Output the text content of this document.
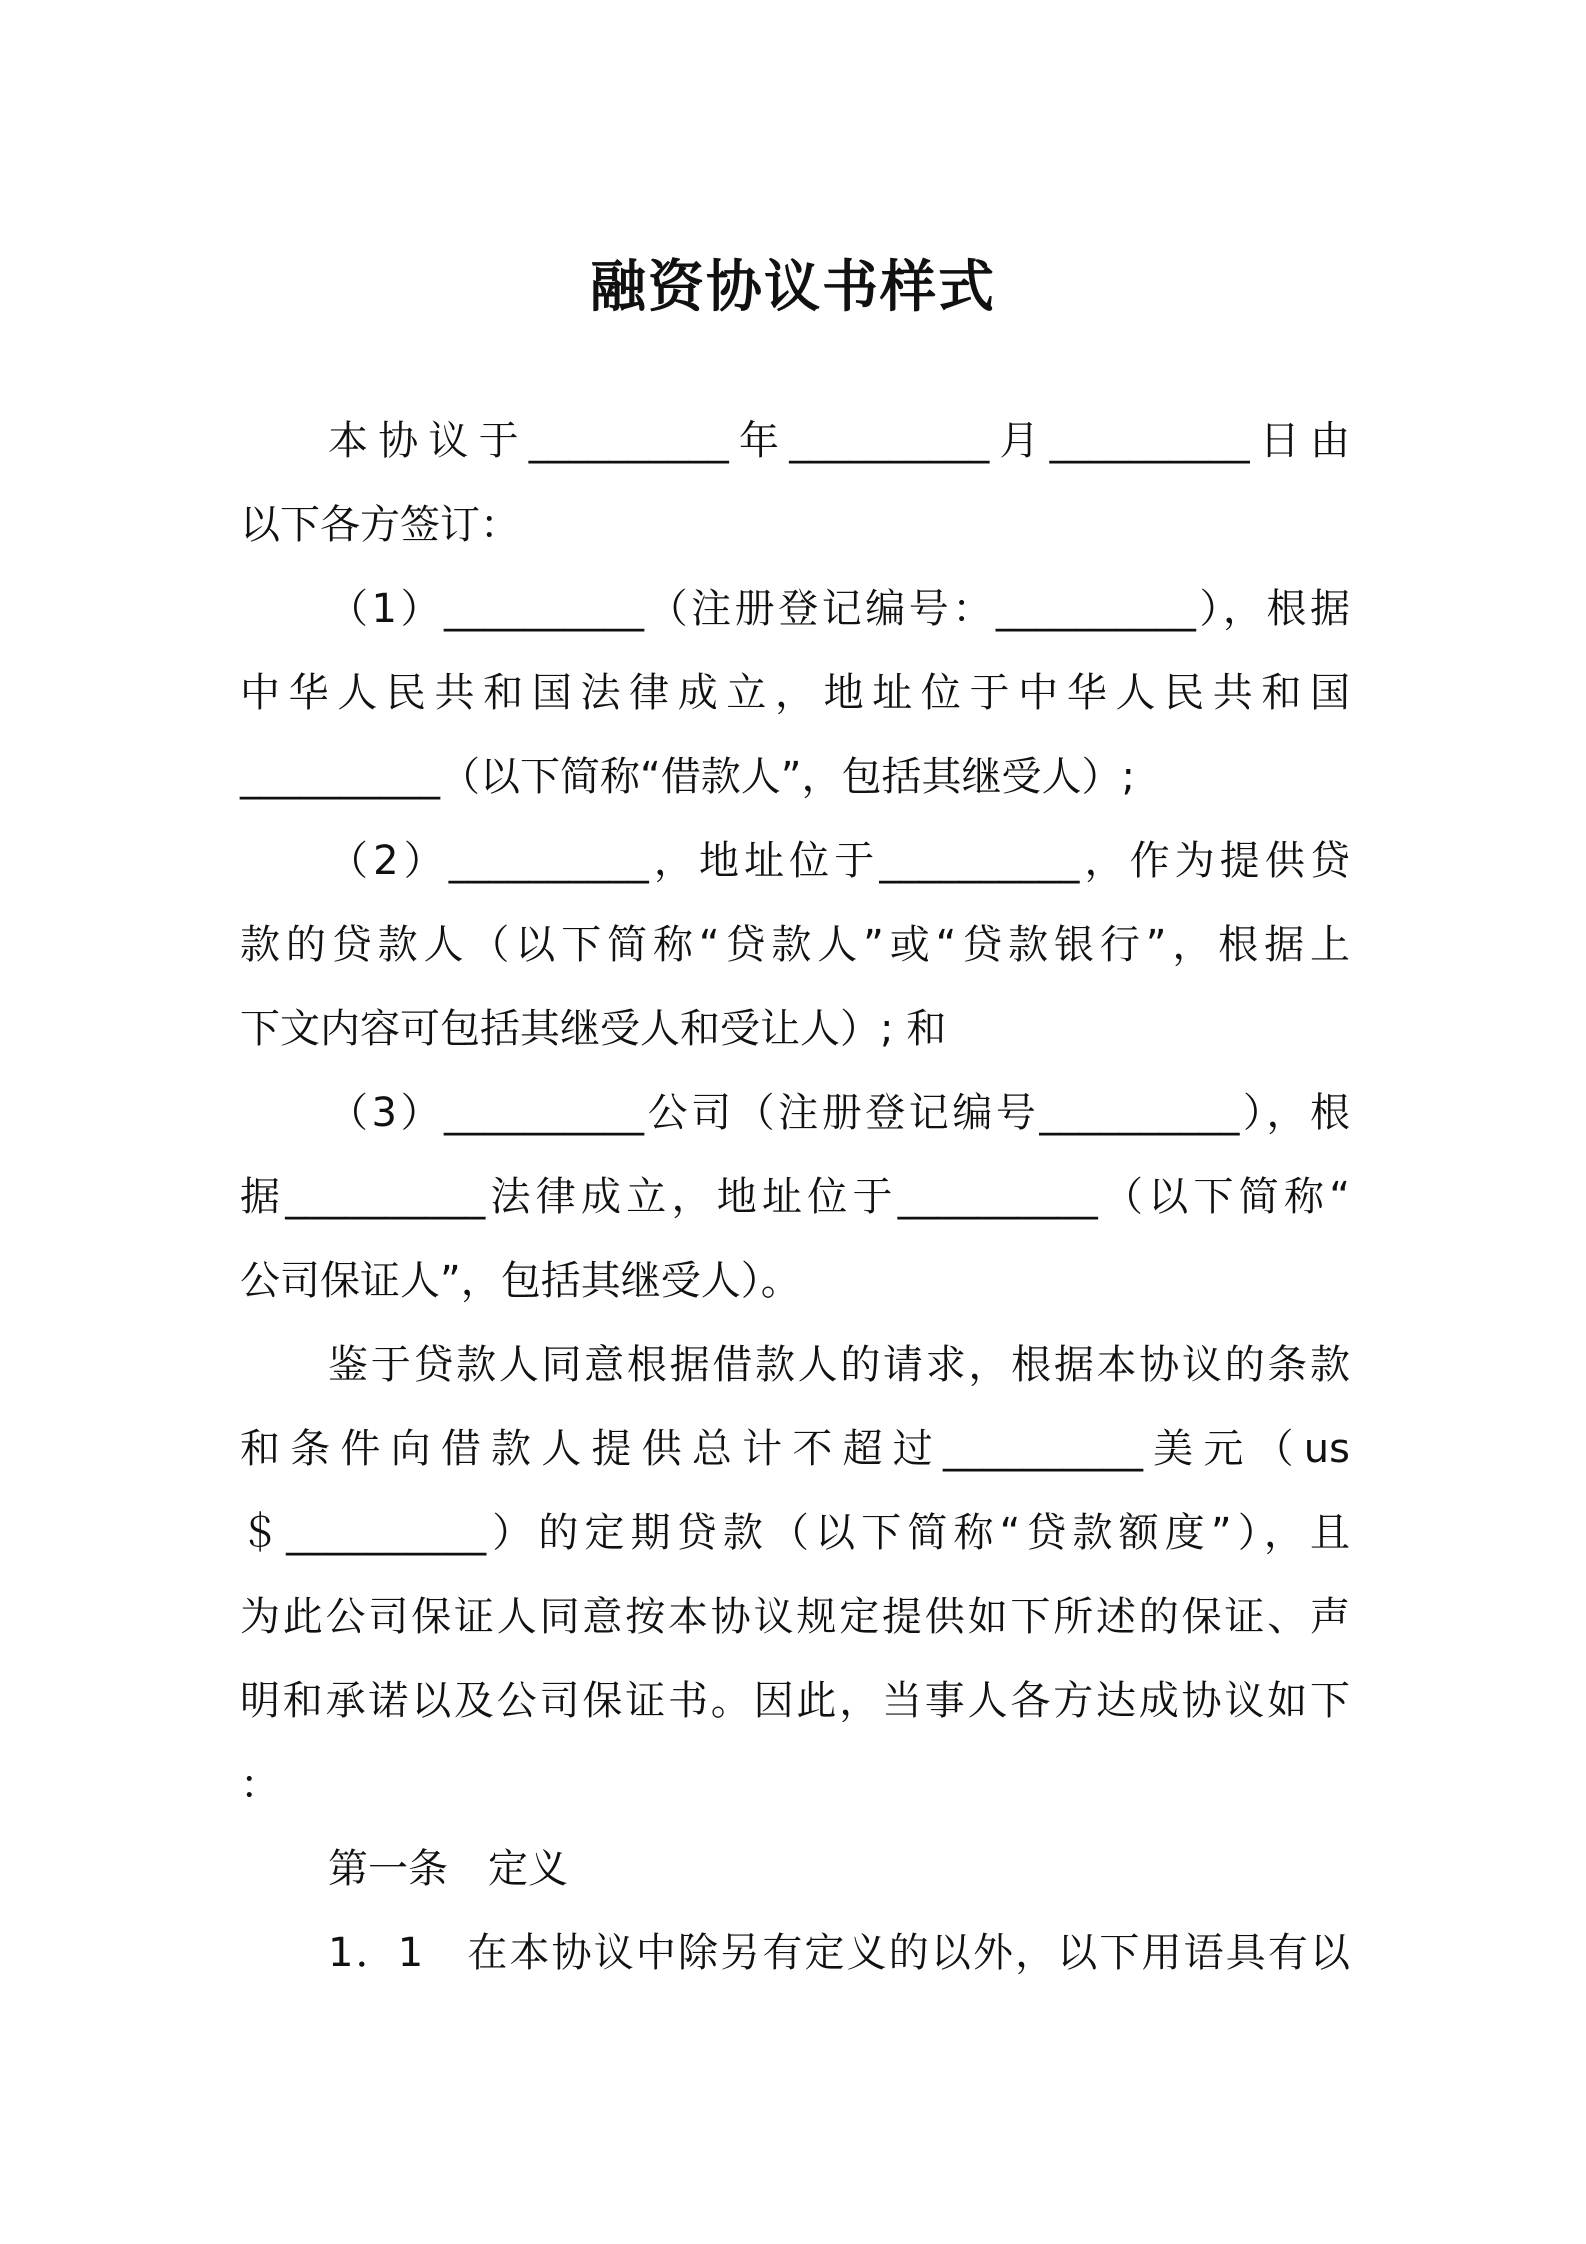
融资协议书样式
本协议于__________年__________月__________日由
以下各方签订：
（1）__________（注册登记编号：__________），根据
中华人民共和国法律成立，地址位于中华人民共和国
__________（以下简称“借款人”，包括其继受人）;
（2）__________，地址位于__________，作为提供贷
款的贷款人（以下简称“贷款人”或“贷款银行”，根据上
下文内容可包括其继受人和受让人）; 和
（3）__________公司（注册登记编号__________），根
据__________法律成立，地址位于__________（以下简称“
公司保证人”，包括其继受人）。
鉴于贷款人同意根据借款人的请求，根据本协议的条款
和条件向借款人提供总计不超过__________美元（us
＄__________）的定期贷款（以下简称“贷款额度”），且
为此公司保证人同意按本协议规定提供如下所述的保证、声
明和承诺以及公司保证书。因此，当事人各方达成协议如下
：
第一条　定义
1．1　在本协议中除另有定义的以外，以下用语具有以
